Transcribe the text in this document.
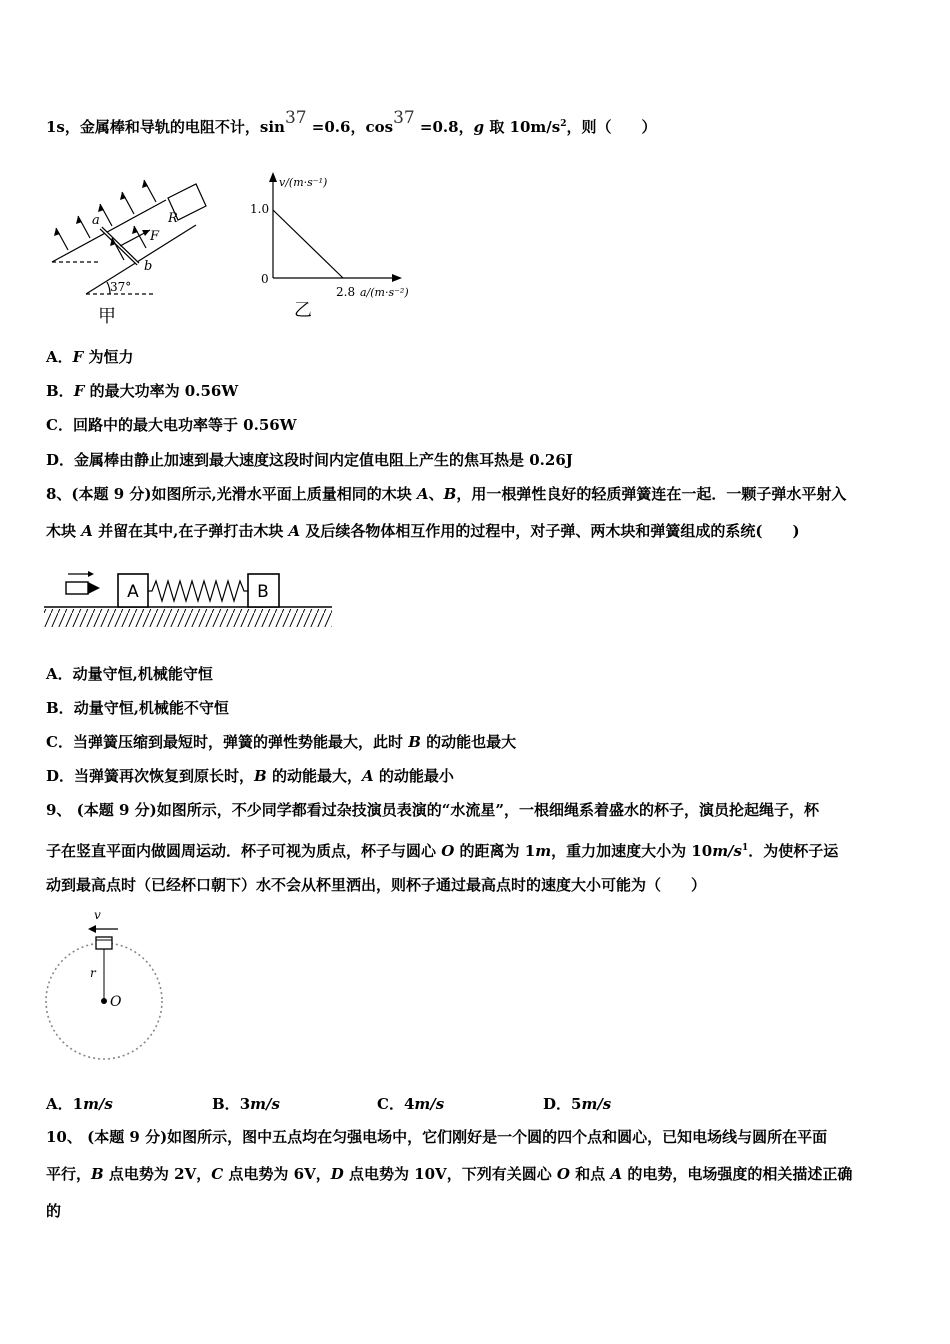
1s，金属棒和导轨的电阻不计，sin37 =0.6，cos37 =0.8，g 取 $10m/s^2$，则（　　）
a
b
F
R
37°
甲
v/(m·s⁻¹)
1.0
0
2.8 a/(m·s⁻²)
乙
A．F 为恒力
B．F 的最大功率为 0.56W
C．回路中的最大电功率等于 0.56W
D．金属棒由静止加速到最大速度这段时间内定值电阻上产生的焦耳热是 0.26J
8、(本题 9 分)如图所示,光滑水平面上质量相同的木块 A、B，用一根弹性良好的轻质弹簧连在一起．一颗子弹水平射入
木块 A 并留在其中,在子弹打击木块 A 及后续各物体相互作用的过程中，对子弹、两木块和弹簧组成的系统(　　)
A	B
A．动量守恒,机械能守恒
B．动量守恒,机械能不守恒
C．当弹簧压缩到最短时，弹簧的弹性势能最大，此时 B 的动能也最大
D．当弹簧再次恢复到原长时，B 的动能最大，A 的动能最小
9、 (本题 9 分)如图所示，不少同学都看过杂技演员表演的“水流星”，一根细绳系着盛水的杯子，演员抡起绳子，杯
子在竖直平面内做圆周运动．杯子可视为质点，杯子与圆心 O 的距离为 1m，重力加速度大小为 $10m/s^1$．为使杯子运
动到最高点时（已经杯口朝下）水不会从杯里洒出，则杯子通过最高点时的速度大小可能为（　　）
v
r
O
A．1m/s	B．3m/s	C．4m/s	D．5m/s
10、 (本题 9 分)如图所示，图中五点均在匀强电场中，它们刚好是一个圆的四个点和圆心，已知电场线与圆所在平面
平行，B 点电势为 2V，C 点电势为 6V，D 点电势为 10V，下列有关圆心 O 和点 A 的电势，电场强度的相关描述正确
的
